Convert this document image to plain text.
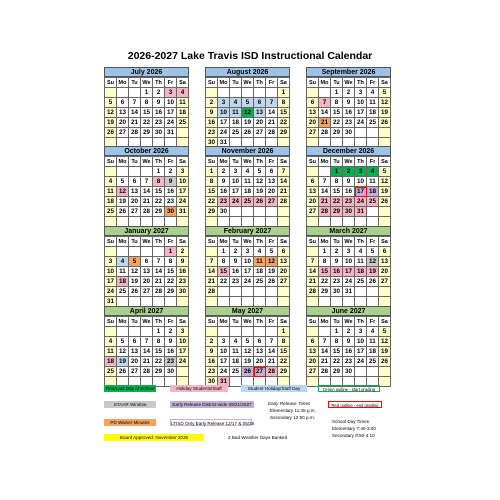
2026-2027 Lake Travis ISD Instructional Calendar
July 2026
Su	Mo	Tu	We	Th	Fr	Sa
			1	2	3	4
5	6	7	8	9	10	11
12	13	14	15	16	17	18
19	20	21	22	23	24	25
26	27	28	29	30	31	

August 2026
Su	Mo	Tu	We	Th	Fr	Sa
						1
2	3	4	5	6	7	8
9	10	11	12	13	14	15
16	17	18	19	20	21	22
23	24	25	26	27	28	29
30	31					
September 2026
Su	Mo	Tu	We	Th	Fr	Sa
		1	2	3	4	5
6	7	8	9	10	11	12
13	14	15	16	17	18	19
20	21	22	23	24	25	26
27	28	29	30			

October 2026
Su	Mo	Tu	We	Th	Fr	Sa
				1	2	3
4	5	6	7	8	9	10
11	12	13	14	15	16	17
18	19	20	21	22	23	24
25	26	27	28	29	30	31

November 2026
Su	Mo	Tu	We	Th	Fr	Sa
1	2	3	4	5	6	7
8	9	10	11	12	13	14
15	16	17	18	19	20	21
22	23	24	25	26	27	28
29	30					

December 2026
Su	Mo	Tu	We	Th	Fr	Sa
		1	2	3	4	5
6	7	8	9	10	11	12
13	14	15	16	17	18	19
20	21	22	23	24	25	26
27	28	29	30	31		

January 2027
Su	Mo	Tu	We	Th	Fr	Sa
					1	2
3	4	5	6	7	8	9
10	11	12	13	14	15	16
17	18	19	20	21	22	23
24	25	26	27	28	29	30
31						
February 2027
Su	Mo	Tu	We	Th	Fr	Sa
	1	2	3	4	5	6
7	8	9	10	11	12	13
14	15	16	17	18	19	20
21	22	23	24	25	26	27
28						

March 2027
Su	Mo	Tu	We	Th	Fr	Sa
	1	2	3	4	5	6
7	8	9	10	11	12	13
14	15	16	17	18	19	20
21	22	23	24	25	26	27
28	29	30	31			

April 2027
Su	Mo	Tu	We	Th	Fr	Sa
				1	2	3
4	5	6	7	8	9	10
11	12	13	14	15	16	17
18	19	20	21	22	23	24
25	26	27	28	29	30	

May 2027
Su	Mo	Tu	We	Th	Fr	Sa
						1
2	3	4	5	6	7	8
9	10	11	12	13	14	15
16	17	18	19	20	21	22
23	24	25	26	27	28	29
30	31					
June 2027
Su	Mo	Tu	We	Th	Fr	Sa
		1	2	3	4	5
6	7	8	9	10	11	12
13	14	15	16	17	18	19
20	21	22	23	24	25	26
27	28	29	30			

First/Last Day of School	Holiday Students/Staff	Student Holiday/Staff Day	Green outline - start grading
STAAR Window	Early Release District-wide 09/21/2027	Early Release Times
Elementary 11:45 p.m.
Secondary 12:50 p.m.
Red outline - end grading
PD Waiver Minutes	LTISD Only Early Release 12/17 & 05/26	School Day Times
Elementary 7:40-3:00
Secondary 8:50-4:10
Board Approved: November 2025	2 Bad Weather Days Banked
